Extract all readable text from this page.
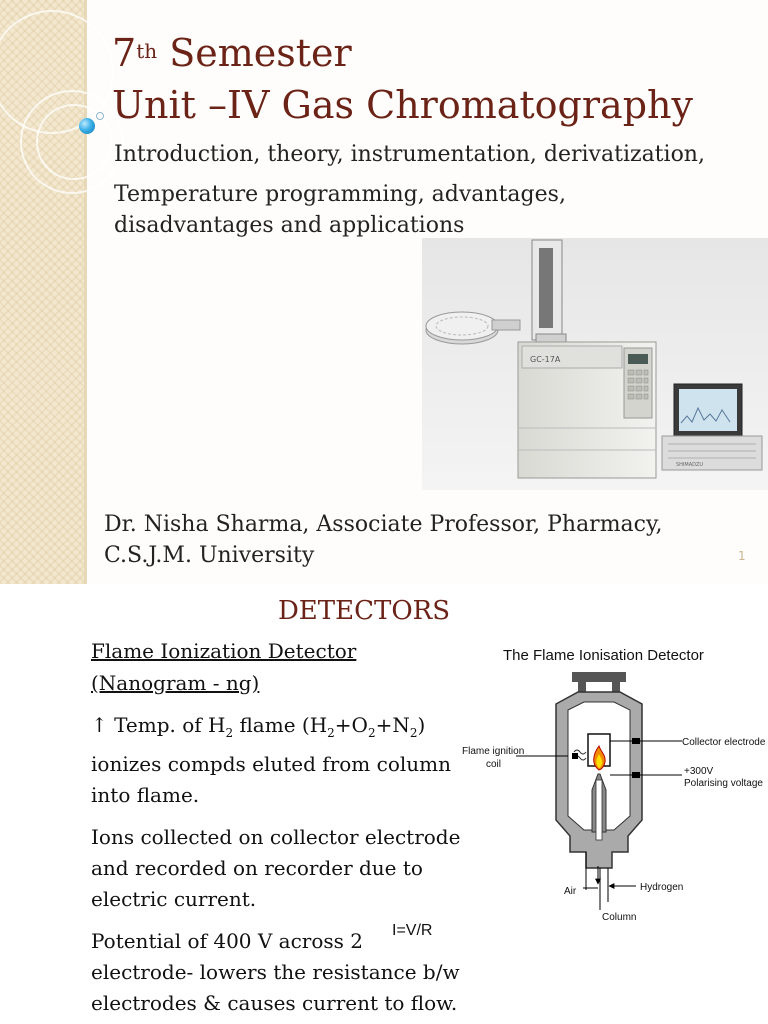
7th Semester
Unit –IV Gas Chromatography
Introduction, theory, instrumentation, derivatization,
Temperature programming, advantages,
disadvantages and applications
GC-17A
SHIMADZU
Dr. Nisha Sharma, Associate Professor, Pharmacy,
C.S.J.M. University	1
DETECTORS
Flame Ionization Detector
(Nanogram - ng)
↑ Temp. of $H_2$ flame $(H_2+O_2+N_2)$
ionizes compds eluted from column
into flame.
Ions collected on collector electrode
and recorded on recorder due to
electric current.
Potential of 400 V across 2
electrode- lowers the resistance b/w
electrodes & causes current to flow.
I=V/R
The Flame Ionisation Detector
Collector electrode
Flame ignition
coil
+300V
Polarising voltage
Air	Hydrogen
Column
